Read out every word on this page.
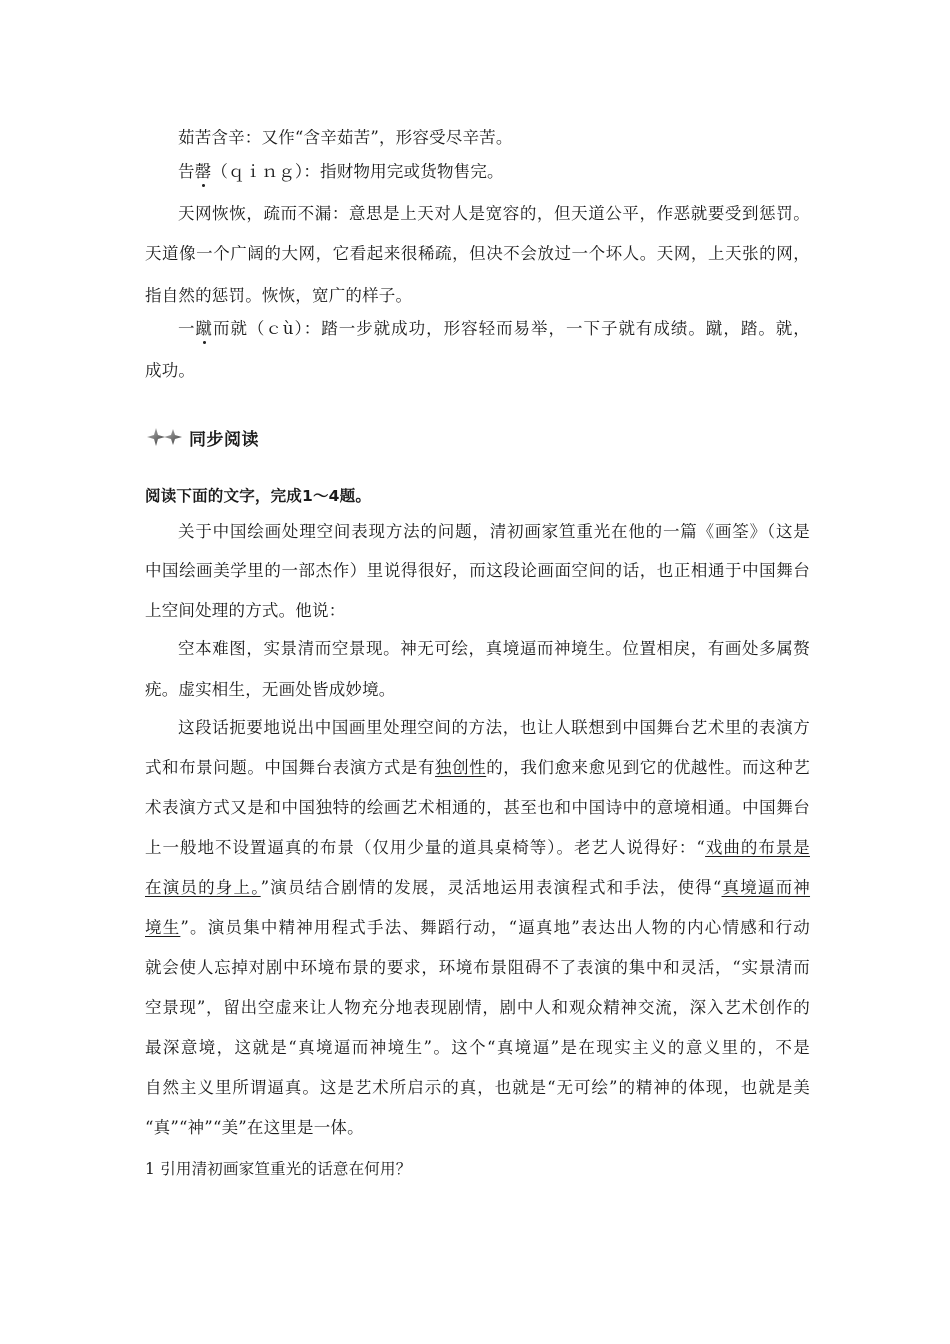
茹苦含辛：又作“含辛茹苦”，形容受尽辛苦。
告罄（ｑｉｎｇ）：指财物用完或货物售完。
天网恢恢，疏而不漏：意思是上天对人是宽容的，但天道公平，作恶就要受到惩罚。
天道像一个广阔的大网，它看起来很稀疏，但决不会放过一个坏人。天网，上天张的网，
指自然的惩罚。恢恢，宽广的样子。
一蹴而就（ｃù）：踏一步就成功，形容轻而易举，一下子就有成绩。蹴，踏。就，
成功。
同步阅读
阅读下面的文字，完成1～4题。
关于中国绘画处理空间表现方法的问题，清初画家笪重光在他的一篇《画筌》（这是
中国绘画美学里的一部杰作）里说得很好，而这段论画面空间的话，也正相通于中国舞台
上空间处理的方式。他说：
空本难图，实景清而空景现。神无可绘，真境逼而神境生。位置相戾，有画处多属赘
疣。虚实相生，无画处皆成妙境。
这段话扼要地说出中国画里处理空间的方法，也让人联想到中国舞台艺术里的表演方
式和布景问题。中国舞台表演方式是有独创性的，我们愈来愈见到它的优越性。而这种艺
术表演方式又是和中国独特的绘画艺术相通的，甚至也和中国诗中的意境相通。中国舞台
上一般地不设置逼真的布景（仅用少量的道具桌椅等）。老艺人说得好：“戏曲的布景是
在演员的身上。”演员结合剧情的发展，灵活地运用表演程式和手法，使得“真境逼而神
境生”。演员集中精神用程式手法、舞蹈行动，“逼真地”表达出人物的内心情感和行动
就会使人忘掉对剧中环境布景的要求，环境布景阻碍不了表演的集中和灵活，“实景清而
空景现”，留出空虚来让人物充分地表现剧情，剧中人和观众精神交流，深入艺术创作的
最深意境，这就是“真境逼而神境生”。这个“真境逼”是在现实主义的意义里的，不是
自然主义里所谓逼真。这是艺术所启示的真，也就是“无可绘”的精神的体现，也就是美
“真”“神”“美”在这里是一体。
1 引用清初画家笪重光的话意在何用？
